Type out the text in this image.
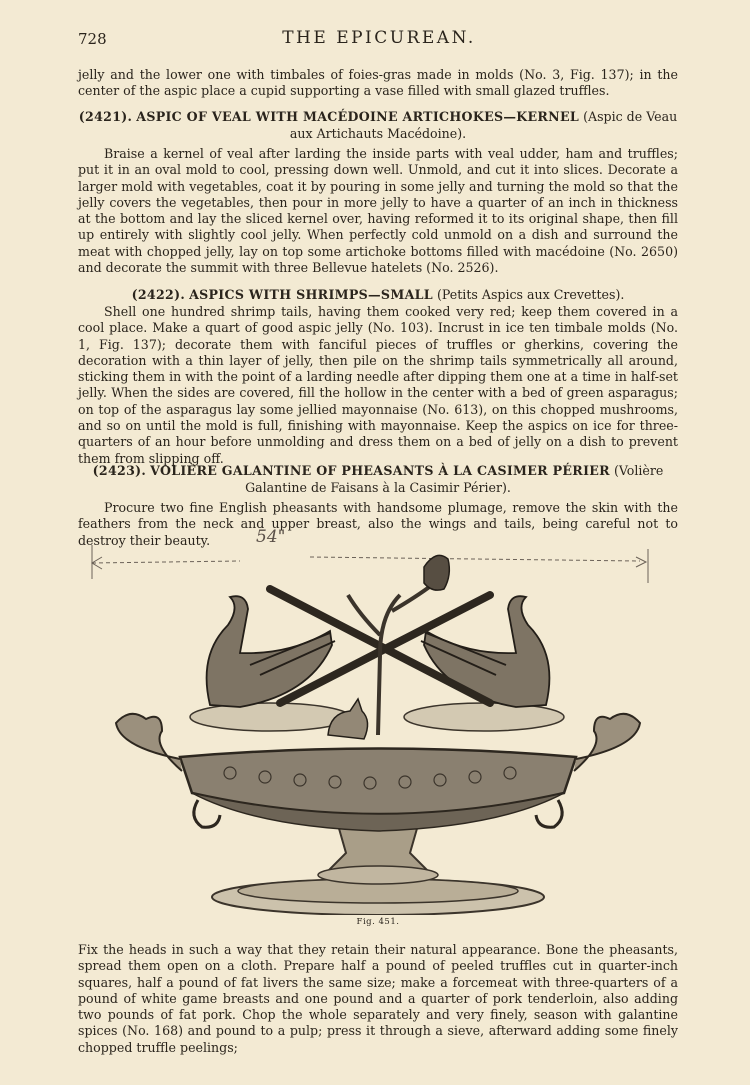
728	THE EPICUREAN.

jelly and the lower one with timbales of foies-gras made in molds (No. 3, Fig. 137); in the center of the aspic place a cupid supporting a vase filled with small glazed truffles.

(2421). ASPIC OF VEAL WITH MACÉDOINE ARTICHOKES—KERNEL (Aspic de Veau aux Artichauts Macédoine).

Braise a kernel of veal after larding the inside parts with veal udder, ham and truffles; put it in an oval mold to cool, pressing down well. Unmold, and cut it into slices. Decorate a larger mold with vegetables, coat it by pouring in some jelly and turning the mold so that the jelly covers the vegetables, then pour in more jelly to have a quarter of an inch in thickness at the bottom and lay the sliced kernel over, having reformed it to its original shape, then fill up entirely with slightly cool jelly. When perfectly cold unmold on a dish and surround the meat with chopped jelly, lay on top some artichoke bottoms filled with macédoine (No. 2650) and decorate the summit with three Bellevue hatelets (No. 2526).

(2422). ASPICS WITH SHRIMPS—SMALL (Petits Aspics aux Crevettes).

Shell one hundred shrimp tails, having them cooked very red; keep them covered in a cool place. Make a quart of good aspic jelly (No. 103). Incrust in ice ten timbale molds (No. 1, Fig. 137); decorate them with fanciful pieces of truffles or gherkins, covering the decoration with a thin layer of jelly, then pile on the shrimp tails symmetrically all around, sticking them in with the point of a larding needle after dipping them one at a time in half-set jelly. When the sides are covered, fill the hollow in the center with a bed of green asparagus; on top of the asparagus lay some jellied mayonnaise (No. 613), on this chopped mushrooms, and so on until the mold is full, finishing with mayonnaise. Keep the aspics on ice for three-quarters of an hour before unmolding and dress them on a bed of jelly on a dish to prevent them from slipping off.

(2423). VOLIÈRE GALANTINE OF PHEASANTS À LA CASIMER PÉRIER (Volière Galantine de Faisans à la Casimir Périer).

Procure two fine English pheasants with handsome plumage, remove the skin with the feathers from the neck and upper breast, also the wings and tails, being careful not to destroy their beauty.	54"
Fig. 451.

Fix the heads in such a way that they retain their natural appearance. Bone the pheasants, spread them open on a cloth. Prepare half a pound of peeled truffles cut in quarter-inch squares, half a pound of fat livers the same size; make a forcemeat with three-quarters of a pound of white game breasts and one pound and a quarter of pork tenderloin, also adding two pounds of fat pork. Chop the whole separately and very finely, season with galantine spices (No. 168) and pound to a pulp; press it through a sieve, afterward adding some finely chopped truffle peelings;
